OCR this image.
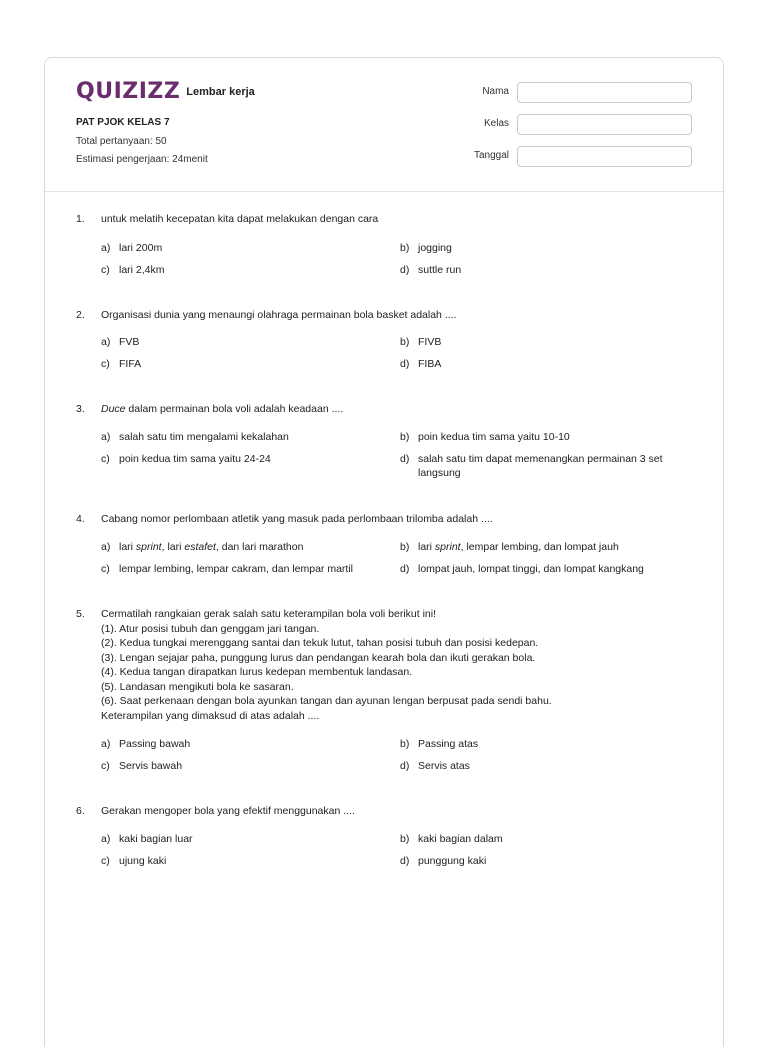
QUIZIZZ Lembar kerja
PAT PJOK KELAS 7
Total pertanyaan: 50
Estimasi pengerjaan: 24menit
Nama
Kelas
Tanggal
1. untuk melatih kecepatan kita dapat melakukan dengan cara
a) lari 200m	b) jogging
c) lari 2,4km	d) suttle run
2. Organisasi dunia yang menaungi olahraga permainan bola basket adalah ....
a) FVB	b) FIVB
c) FIFA	d) FIBA
3. Duce dalam permainan bola voli adalah keadaan ....
a) salah satu tim mengalami kekalahan	b) poin kedua tim sama yaitu 10-10
c) poin kedua tim sama yaitu 24-24	d) salah satu tim dapat memenangkan permainan 3 set langsung
4. Cabang nomor perlombaan atletik yang masuk pada perlombaan trilomba adalah ....
a) lari sprint, lari estafet, dan lari marathon	b) lari sprint, lempar lembing, dan lompat jauh
c) lempar lembing, lempar cakram, dan lempar martil	d) lompat jauh, lompat tinggi, dan lompat kangkang
5. Cermatilah rangkaian gerak salah satu keterampilan bola voli berikut ini!
(1). Atur posisi tubuh dan genggam jari tangan.
(2). Kedua tungkai merenggang santai dan tekuk lutut, tahan posisi tubuh dan posisi kedepan.
(3). Lengan sejajar paha, punggung lurus dan pendangan kearah bola dan ikuti gerakan bola.
(4). Kedua tangan dirapatkan lurus kedepan membentuk landasan.
(5). Landasan mengikuti bola ke sasaran.
(6). Saat perkenaan dengan bola ayunkan tangan dan ayunan lengan berpusat pada sendi bahu.
Keterampilan yang dimaksud di atas adalah ....
a) Passing bawah	b) Passing atas
c) Servis bawah	d) Servis atas
6. Gerakan mengoper bola yang efektif menggunakan ....
a) kaki bagian luar	b) kaki bagian dalam
c) ujung kaki	d) punggung kaki
